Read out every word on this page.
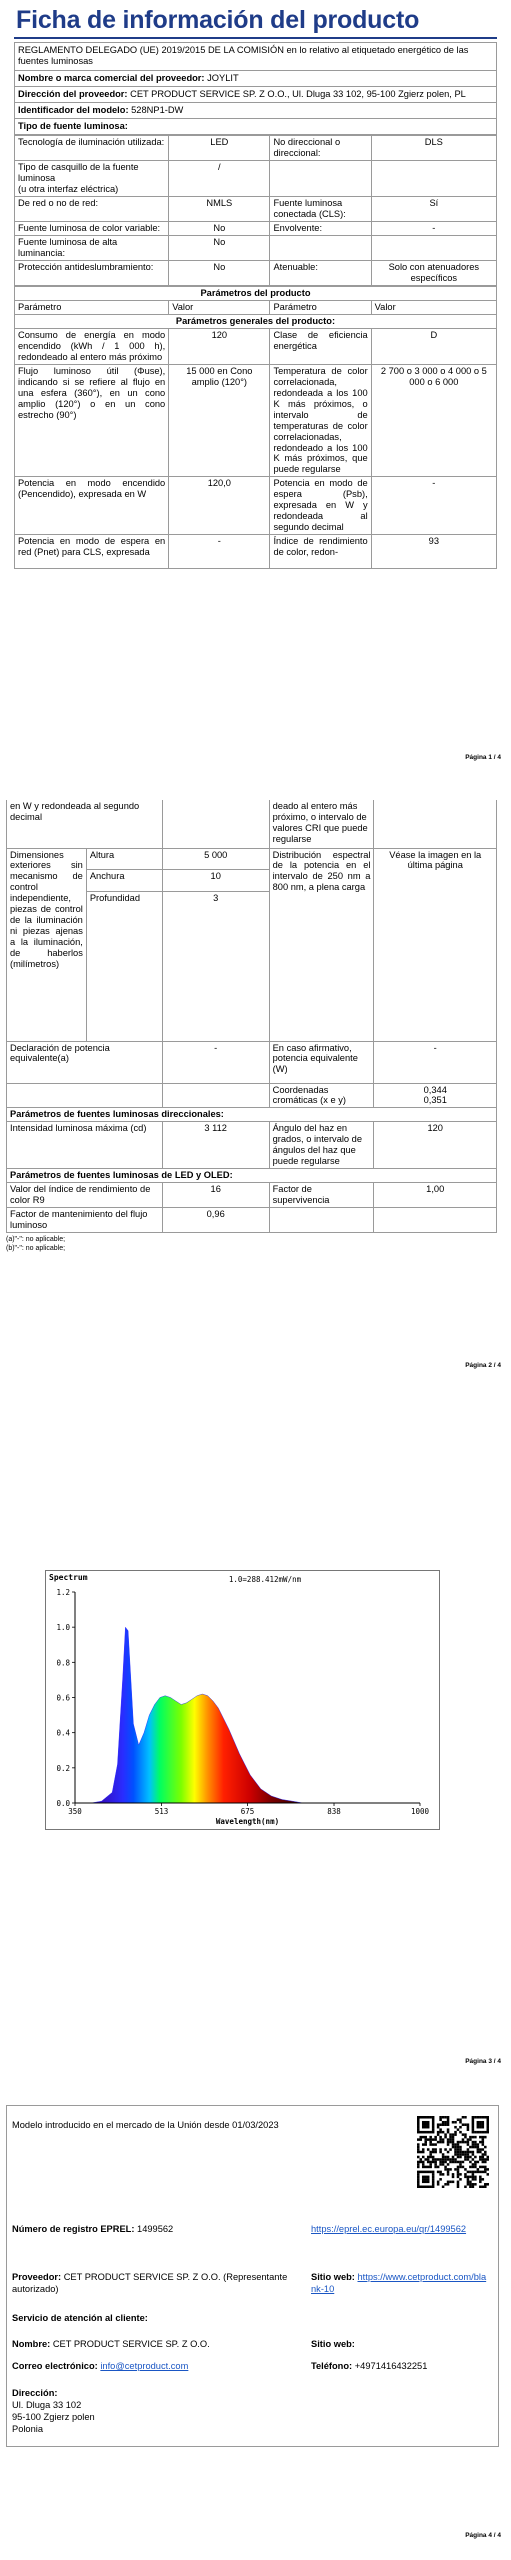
Ficha de información del producto
REGLAMENTO DELEGADO (UE) 2019/2015 DE LA COMISIÓN en lo relativo al etiquetado energético de las fuentes luminosas
Nombre o marca comercial del proveedor: JOYLIT
Dirección del proveedor: CET PRODUCT SERVICE SP. Z O.O., Ul. Dluga 33 102, 95-100 Zgierz polen, PL
Identificador del modelo: 528NP1-DW
Tipo de fuente luminosa:
Tecnología de iluminación utilizada:	LED	No direccional o direccional:	DLS
Tipo de casquillo de la fuente luminosa
(u otra interfaz eléctrica)	/		
De red o no de red:	NMLS	Fuente luminosa conectada (CLS):	Sí
Fuente luminosa de color variable:	No	Envolvente:	-
Fuente luminosa de alta luminancia:	No		
Protección antideslumbramiento:	No	Atenuable:	Solo con atenuadores específicos
Parámetros del producto			
Parámetro	Valor	Parámetro	Valor
Parámetros generales del producto:			
Consumo de energía en modo encendido (kWh / 1 000 h), redondeado al entero más próximo	120	Clase de eficiencia energética	D
Flujo luminoso útil (Φuse), indicando si se refiere al flujo en una esfera (360°), en un cono amplio (120°) o en un cono estrecho (90°)	15 000 en Cono amplio (120°)	Temperatura de color correlacionada, redondeada a los 100 K más próximos, o intervalo de temperaturas de color correlacionadas, redondeado a los 100 K más próximos, que puede regularse	2 700 o 3 000 o 4 000 o 5 000 o 6 000
Potencia en modo encendido (Pencendido), expresada en W	120,0	Potencia en modo de espera (Psb), expresada en W y redondeada al segundo decimal	-
Potencia en modo de espera en red (Pnet) para CLS, expresada	-	Índice de rendimiento de color, redon-	93
Página 1 / 4
en W y redondeada al segundo decimal			deado al entero más próximo, o intervalo de valores CRI que puede regularse	
Dimensiones exteriores sin mecanismo de control independiente, piezas de control de la iluminación ni piezas ajenas a la iluminación, de haberlos (milímetros)	Altura	5 000	Distribución espectral de la potencia en el intervalo de 250 nm a 800 nm, a plena carga	Véase la imagen en la última página
	Anchura	10		
	Profundidad	3		
Declaración de potencia equivalente(a)		-	En caso afirmativo, potencia equivalente (W)	-
			Coordenadas cromáticas (x e y)	0,344
0,351
Parámetros de fuentes luminosas direccionales:				
Intensidad luminosa máxima (cd)		3 112	Ángulo del haz en grados, o intervalo de ángulos del haz que puede regularse	120
Parámetros de fuentes luminosas de LED y OLED:				
Valor del índice de rendimiento de color R9		16	Factor de supervivencia	1,00
Factor de mantenimiento del flujo luminoso		0,96		
(a)"-": no aplicable;
(b)"-": no aplicable;
Página 2 / 4
0.0
0.2
0.4
0.6
0.8
1.0
1.2
350	513	675	838	1000
Spectrum	1.0=288.412mW/nm
Wavelength(nm)
Página 3 / 4
Modelo introducido en el mercado de la Unión desde 01/03/2023
Número de registro EPREL: 1499562	https://eprel.ec.europa.eu/qr/1499562
Proveedor: CET PRODUCT SERVICE SP. Z O.O. (Representante autorizado)
Sitio web: https://www.cetproduct.com/blank-10
Servicio de atención al cliente:
Nombre: CET PRODUCT SERVICE SP. Z O.O.	Sitio web:
Correo electrónico: info@cetproduct.com	Teléfono: +4971416432251
Dirección:
Ul. Dluga 33 102
95-100 Zgierz polen
Polonia
Página 4 / 4
